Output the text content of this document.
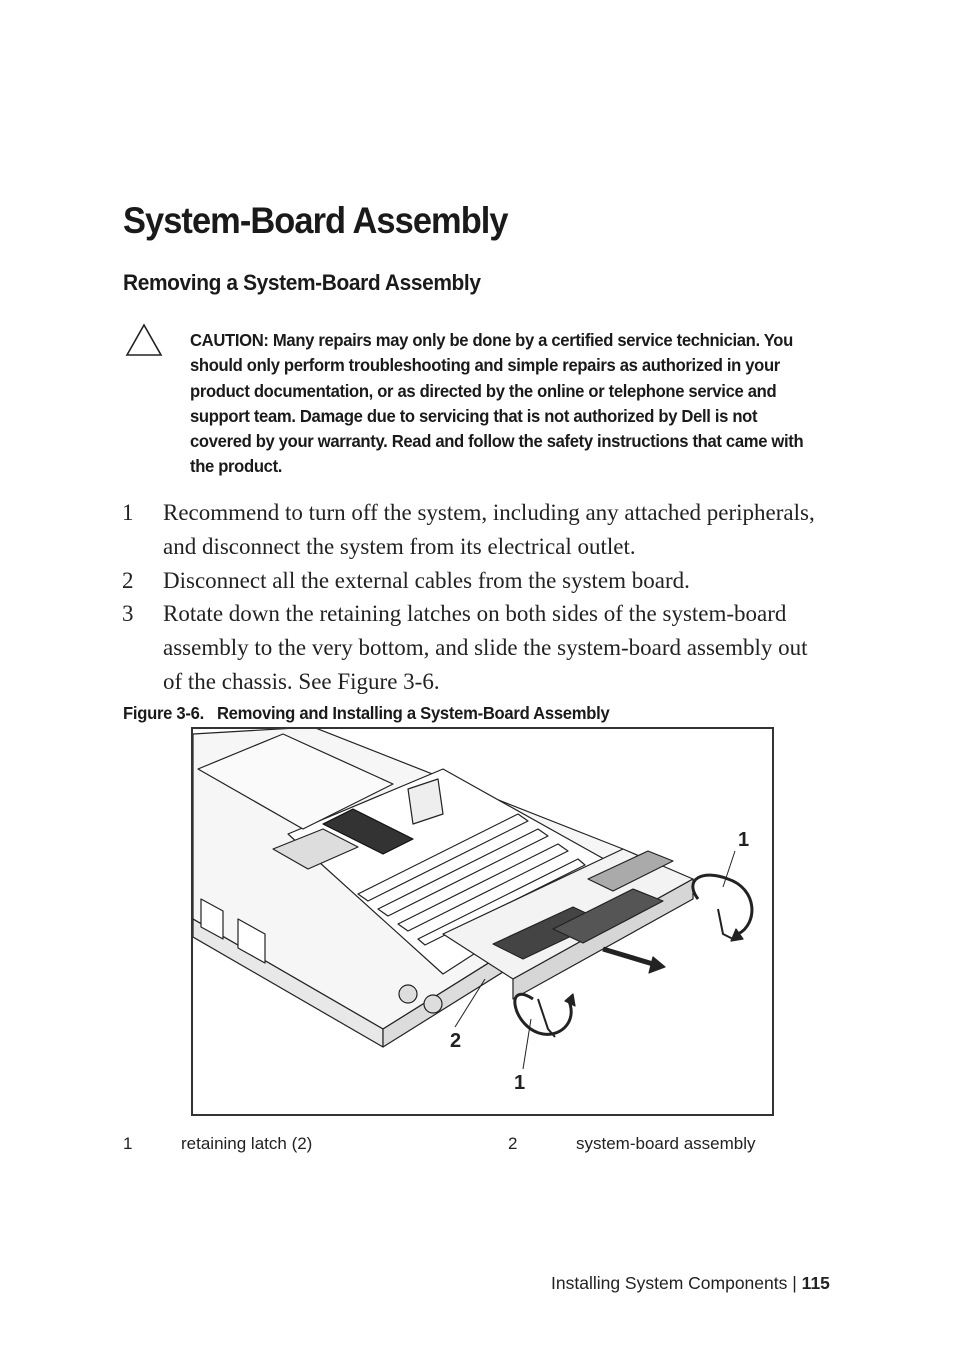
System-Board Assembly
Removing a System-Board Assembly
CAUTION: Many repairs may only be done by a certified service technician. You
should only perform troubleshooting and simple repairs as authorized in your
product documentation, or as directed by the online or telephone service and
support team. Damage due to servicing that is not authorized by Dell is not
covered by your warranty. Read and follow the safety instructions that came with
the product.
1 Recommend to turn off the system, including any attached peripherals,
and disconnect the system from its electrical outlet.
2 Disconnect all the external cables from the system board.
3 Rotate down the retaining latches on both sides of the system-board
assembly to the very bottom, and slide the system-board assembly out
of the chassis. See Figure 3-6.
Figure 3-6. Removing and Installing a System-Board Assembly
1
2
1
1	retaining latch (2)	2	system-board assembly
Installing System Components | 115
